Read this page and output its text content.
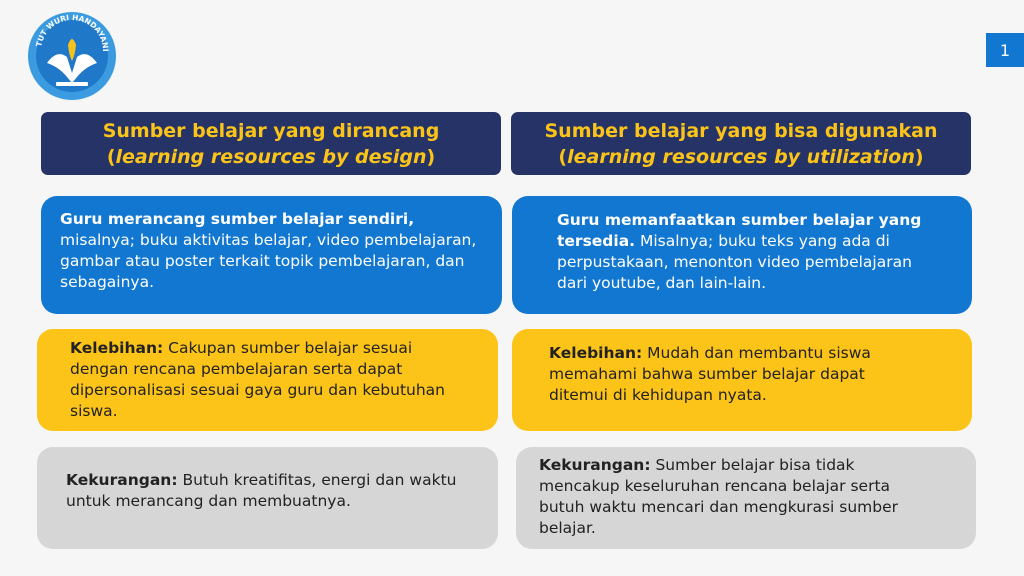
TUT WURI HANDAYANI	1
Sumber belajar yang dirancang
(learning resources by design)
Sumber belajar yang bisa digunakan
(learning resources by utilization)
Guru merancang sumber belajar sendiri, misalnya; buku aktivitas belajar, video pembelajaran, gambar atau poster terkait topik pembelajaran, dan sebagainya.
Guru memanfaatkan sumber belajar yang tersedia. Misalnya; buku teks yang ada di perpustakaan, menonton video pembelajaran dari youtube, dan lain-lain.
Kelebihan: Cakupan sumber belajar sesuai dengan rencana pembelajaran serta dapat dipersonalisasi sesuai gaya guru dan kebutuhan siswa.
Kelebihan: Mudah dan membantu siswa memahami bahwa sumber belajar dapat ditemui di kehidupan nyata.
Kekurangan: Butuh kreatifitas, energi dan waktu untuk merancang dan membuatnya.
Kekurangan: Sumber belajar bisa tidak mencakup keseluruhan rencana belajar serta butuh waktu mencari dan mengkurasi sumber belajar.
